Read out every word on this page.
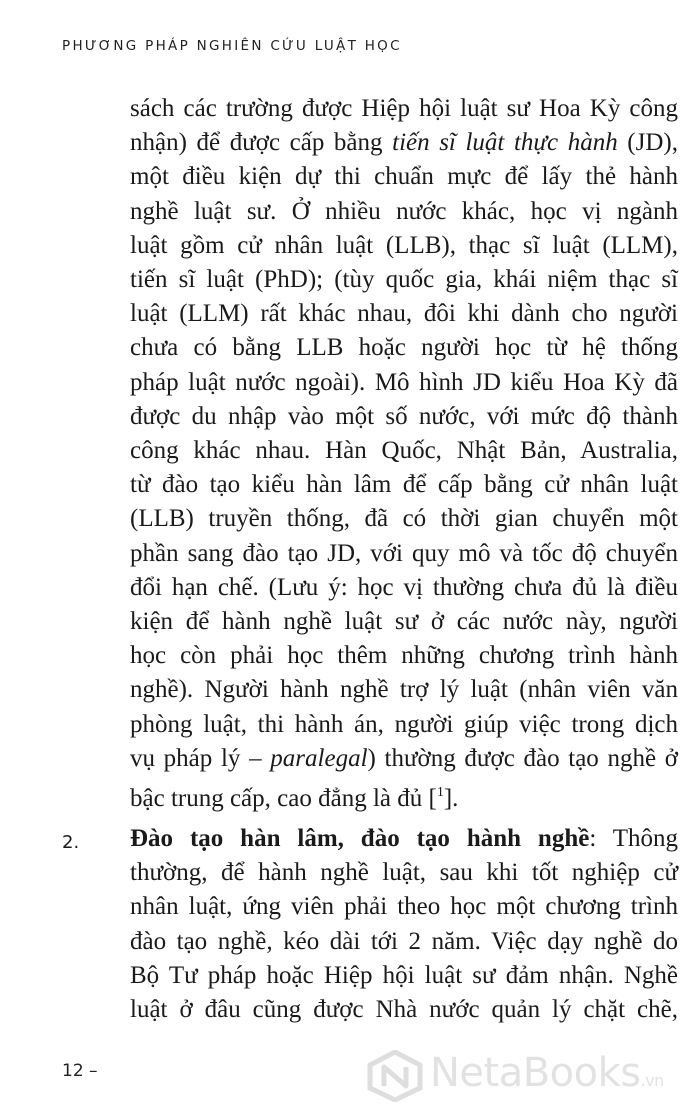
PHƯƠNG PHÁP NGHIÊN CỨU LUẬT HỌC
sách các trường được Hiệp hội luật sư Hoa Kỳ công
nhận) để được cấp bằng tiến sĩ luật thực hành (JD),
một điều kiện dự thi chuẩn mực để lấy thẻ hành
nghề luật sư. Ở nhiều nước khác, học vị ngành
luật gồm cử nhân luật (LLB), thạc sĩ luật (LLM),
tiến sĩ luật (PhD); (tùy quốc gia, khái niệm thạc sĩ
luật (LLM) rất khác nhau, đôi khi dành cho người
chưa có bằng LLB hoặc người học từ hệ thống
pháp luật nước ngoài). Mô hình JD kiểu Hoa Kỳ đã
được du nhập vào một số nước, với mức độ thành
công khác nhau. Hàn Quốc, Nhật Bản, Australia,
từ đào tạo kiểu hàn lâm để cấp bằng cử nhân luật
(LLB) truyền thống, đã có thời gian chuyển một
phần sang đào tạo JD, với quy mô và tốc độ chuyển
đổi hạn chế. (Lưu ý: học vị thường chưa đủ là điều
kiện để hành nghề luật sư ở các nước này, người
học còn phải học thêm những chương trình hành
nghề). Người hành nghề trợ lý luật (nhân viên văn
phòng luật, thi hành án, người giúp việc trong dịch
vụ pháp lý – paralegal) thường được đào tạo nghề ở
bậc trung cấp, cao đẳng là đủ [$^1$].
2. Đào tạo hàn lâm, đào tạo hành nghề: Thông
thường, để hành nghề luật, sau khi tốt nghiệp cử
nhân luật, ứng viên phải theo học một chương trình
đào tạo nghề, kéo dài tới 2 năm. Việc dạy nghề do
Bộ Tư pháp hoặc Hiệp hội luật sư đảm nhận. Nghề
luật ở đâu cũng được Nhà nước quản lý chặt chẽ,
12 –	NetaBooks.vn
